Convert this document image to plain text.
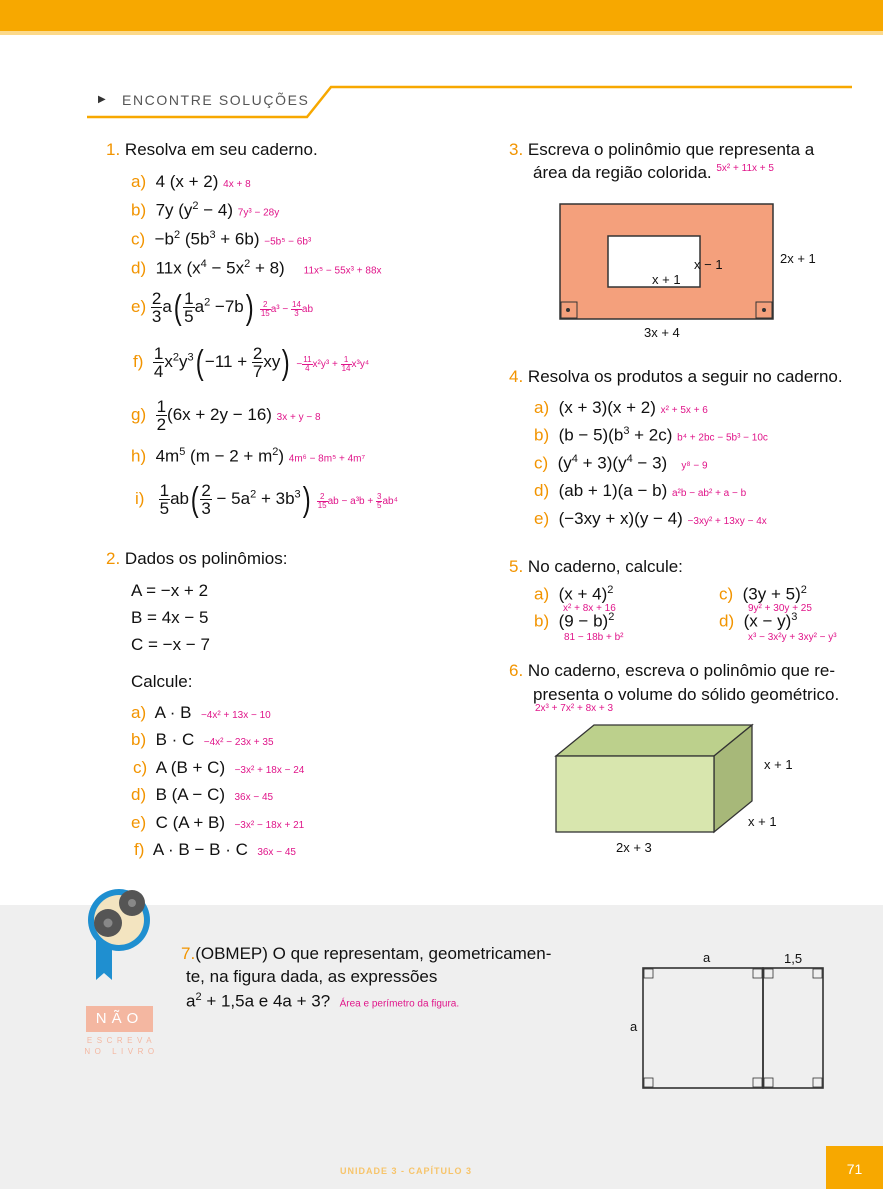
▶ ENCONTRE SOLUÇÕES
1. Resolva em seu caderno.
a) 4 (x + 2) 4x + 8
b) 7y $(y^2 - 4) 7y^3 - 28y$
$c) -b^2$ $(5b^3 + 6b) -5b^5 - 6b^3$
d) 11x $(x^4 - 5x^2 + 8) 11x^5 - 55x^3 + 88x$
$e) \frac{2}{3} a( \frac{1}{5} a^2 -7b) \frac{2}{15} a^3 - \frac{14}{3}$ ab
$f) \frac{1}{4} x^2y^3(-11 + \frac{2}{7} xy) - \frac{11}{4} x^2y^3 + \frac{1}{14} x^3y^4$
$g) \frac{1}{2} (6x + 2y - 16) 3x + y - 8$
h) $4m^5$ $(m - 2 + m^2)$ 4m⁶ − 8m⁵ + 4m⁷
$i) \frac{1}{5} ab( \frac{2}{3} - 5a^2 + 3b^3) \frac{2}{15}$ ab − $a^3b + \frac{3}{5} ab^4$
2. Dados os polinômios:
A = −x + 2
B = 4x − 5
C = −x − 7
Calcule:
a) A · B −4x² + 13x − 10
b) B · C −4x² − 23x + 35
c) A (B + C) −3x² + 18x − 24
d) B (A − C) 36x − 45
e) C (A + B) −3x² − 18x + 21
f) A · B − B · C 36x − 45
3. Escreva o polinômio que representa a
área da região colorida. $^{5x^2 + 11x + 5}$
2x + 1
3x + 4
x − 1
x + 1
4. Resolva os produtos a seguir no caderno.
a) (x + 3)(x + 2) x² + 5x + 6
b) $(b - 5)(b^3 + 2c)$ b⁴ + 2bc − 5b³ − 10c
c) $(y^4 + 3)(y^4 - 3) y^8 - 9$
d) (ab + 1)(a − b) a²b − ab² + a − b
e) (−3xy + x)(y − 4) −3xy² + 13xy − 4x
5. No caderno, calcule:
a) $(x + 4)^2$
x² + 8x + 16
b) $(9 - b)^2$
81 − 18b + b²
c) $(3y + 5)^2$
9y² + 30y + 25
d) $(x - y)^3$
x³ − 3x²y + 3xy² − y³
6. No caderno, escreva o polinômio que re-
presenta o volume do sólido geométrico.
2x³ + 7x² + 8x + 3
x + 1
x + 1
2x + 3
NÃO
ESCREVA
NO LIVRO
7.(OBMEP) O que representam, geometricamen-
te, na figura dada, as expressões
$a^2 + 1,5a$ e 4a + 3? Área e perímetro da figura.
a	1,5
a
UNIDADE 3 - CAPÍTULO 3	71
